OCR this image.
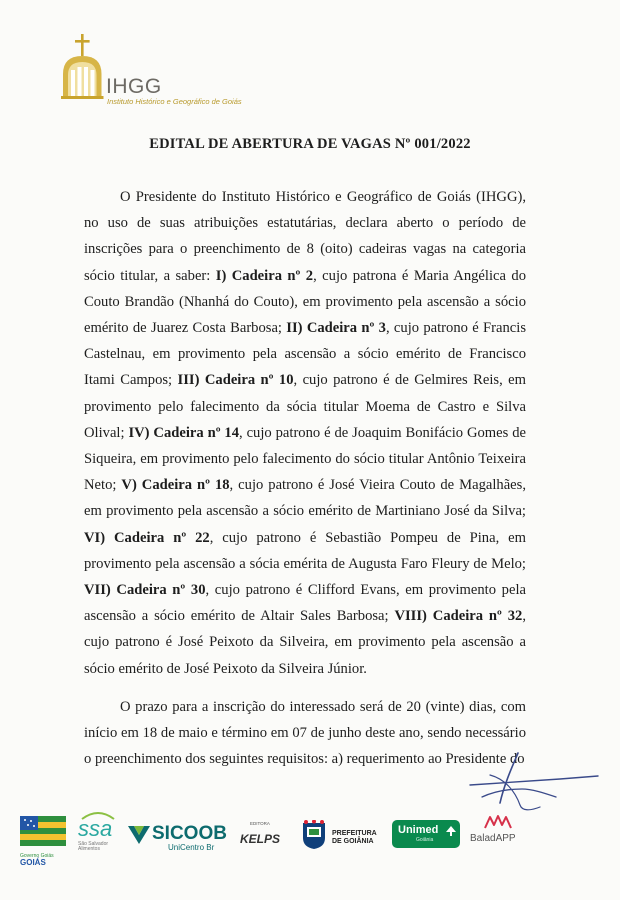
IHGG
Instituto Histórico e Geográfico de Goiás
EDITAL DE ABERTURA DE VAGAS Nº 001/2022

O Presidente do Instituto Histórico e Geográfico de Goiás (IHGG), no uso de suas atribuições estatutárias, declara aberto o período de inscrições para o preenchimento de 8 (oito) cadeiras vagas na categoria sócio titular, a saber: I) Cadeira nº 2, cujo patrona é Maria Angélica do Couto Brandão (Nhanhá do Couto), em provimento pela ascensão a sócio emérito de Juarez Costa Barbosa; II) Cadeira nº 3, cujo patrono é Francis Castelnau, em provimento pela ascensão a sócio emérito de Francisco Itami Campos; III) Cadeira nº 10, cujo patrono é de Gelmires Reis, em provimento pelo falecimento da sócia titular Moema de Castro e Silva Olival; IV) Cadeira nº 14, cujo patrono é de Joaquim Bonifácio Gomes de Siqueira, em provimento pelo falecimento do sócio titular Antônio Teixeira Neto; V) Cadeira nº 18, cujo patrono é José Vieira Couto de Magalhães, em provimento pela ascensão a sócio emérito de Martiniano José da Silva; VI) Cadeira nº 22, cujo patrono é Sebastião Pompeu de Pina, em provimento pela ascensão a sócia emérita de Augusta Faro Fleury de Melo; VII) Cadeira nº 30, cujo patrono é Clifford Evans, em provimento pela ascensão a sócio emérito de Altair Sales Barbosa; VIII) Cadeira nº 32, cujo patrono é José Peixoto da Silveira, em provimento pela ascensão a sócio emérito de José Peixoto da Silveira Júnior.

O prazo para a inscrição do interessado será de 20 (vinte) dias, com início em 18 de maio e término em 07 de junho deste ano, sendo necessário o preenchimento dos seguintes requisitos: a) requerimento ao Presidente do

Governo Goiás
GOIÁS
ssa
São Salvador
Alimentos
SICOOB
UniCentro Br
EDITORA
KELPS	PREFEITURA
DE GOIÂNIA
Unimed
Goiânia	BaladAPP
